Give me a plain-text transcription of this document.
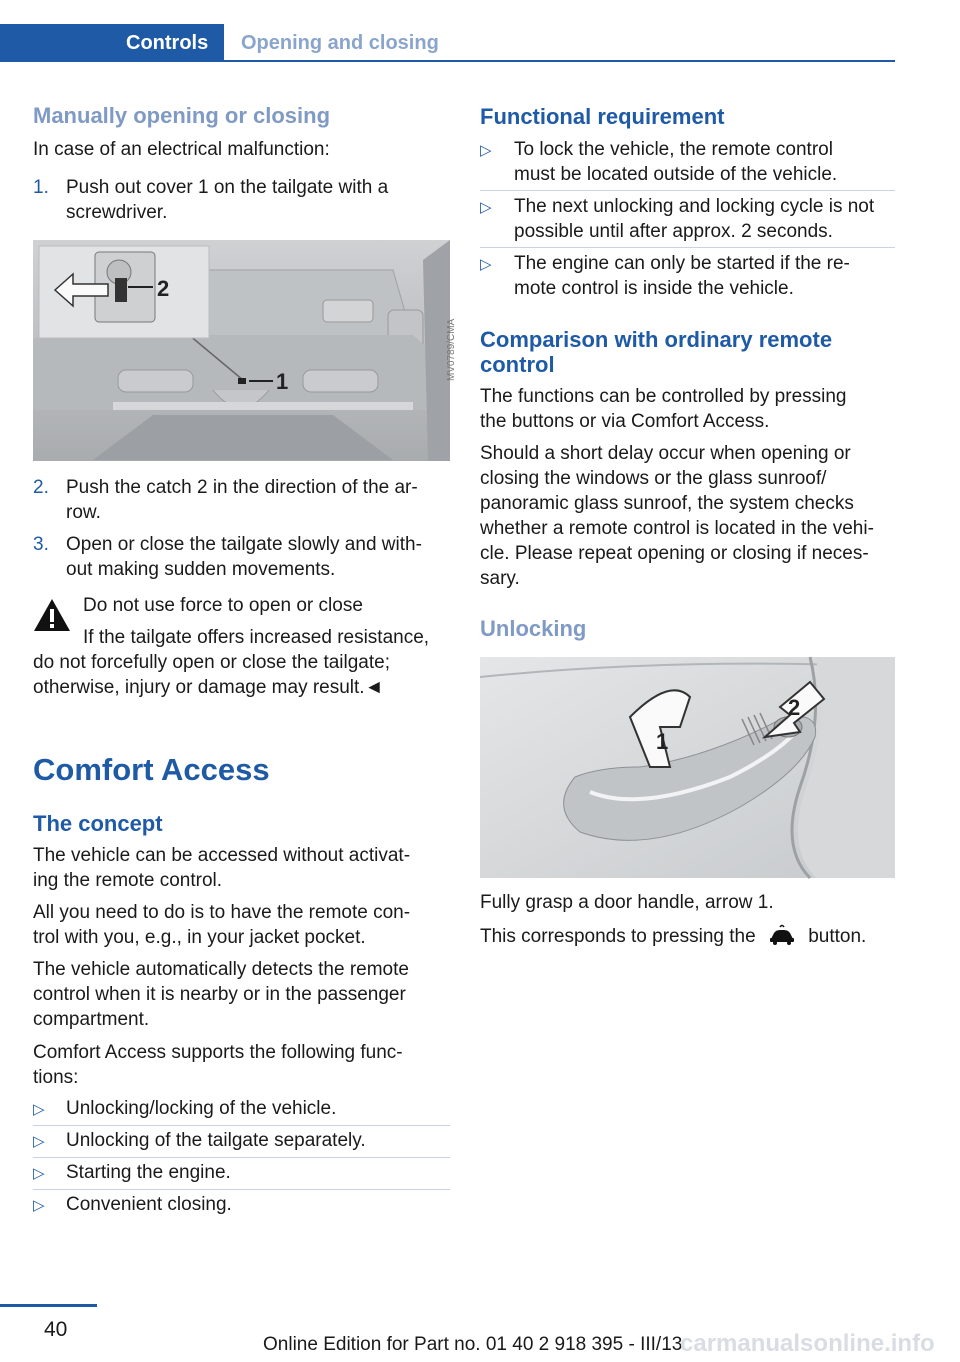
Controls	Opening and closing
Manually opening or closing
In case of an electrical malfunction:
1. Push out cover 1 on the tailgate with a
screwdriver.
1
2
MV0789/CMA
2. Push the catch 2 in the direction of the ar-
row.
3. Open or close the tailgate slowly and with-
out making sudden movements.
Do not use force to open or close
If the tailgate offers increased resistance,
do not forcefully open or close the tailgate;
otherwise, injury or damage may result.◄
Comfort Access
The concept
The vehicle can be accessed without activat-
ing the remote control.
All you need to do is to have the remote con-
trol with you, e.g., in your jacket pocket.
The vehicle automatically detects the remote
control when it is nearby or in the passenger
compartment.
Comfort Access supports the following func-
tions:
▷ Unlocking/locking of the vehicle.
▷ Unlocking of the tailgate separately.
▷ Starting the engine.
▷ Convenient closing.
Functional requirement
▷ To lock the vehicle, the remote control
must be located outside of the vehicle.
▷ The next unlocking and locking cycle is not
possible until after approx. 2 seconds.
▷ The engine can only be started if the re-
mote control is inside the vehicle.
Comparison with ordinary remote
control
The functions can be controlled by pressing
the buttons or via Comfort Access.
Should a short delay occur when opening or
closing the windows or the glass sunroof/
panoramic glass sunroof, the system checks
whether a remote control is located in the vehi-
cle. Please repeat opening or closing if neces-
sary.
Unlocking
1
2
Fully grasp a door handle, arrow 1.
This corresponds to pressing the	button.
40
Online Edition for Part no. 01 40 2 918 395 - III/13
carmanualsonline.info
